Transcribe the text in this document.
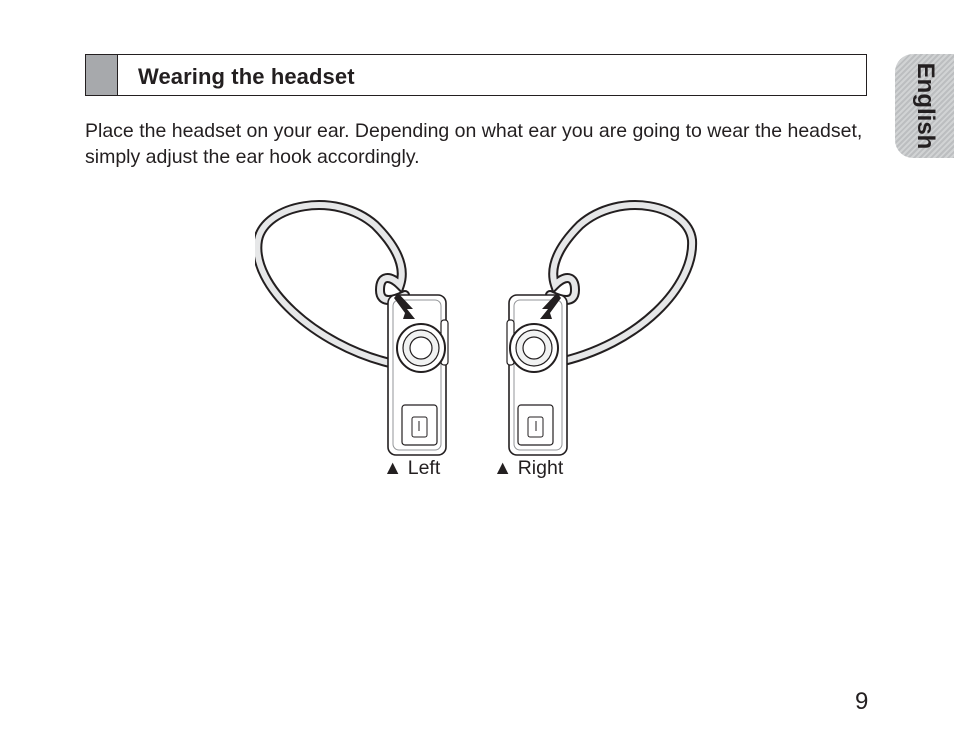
Wearing the headset

Place the headset on your ear. Depending on what ear you are going to wear the headset, simply adjust the ear hook accordingly.

English
▲ Left	▲ Right
9
